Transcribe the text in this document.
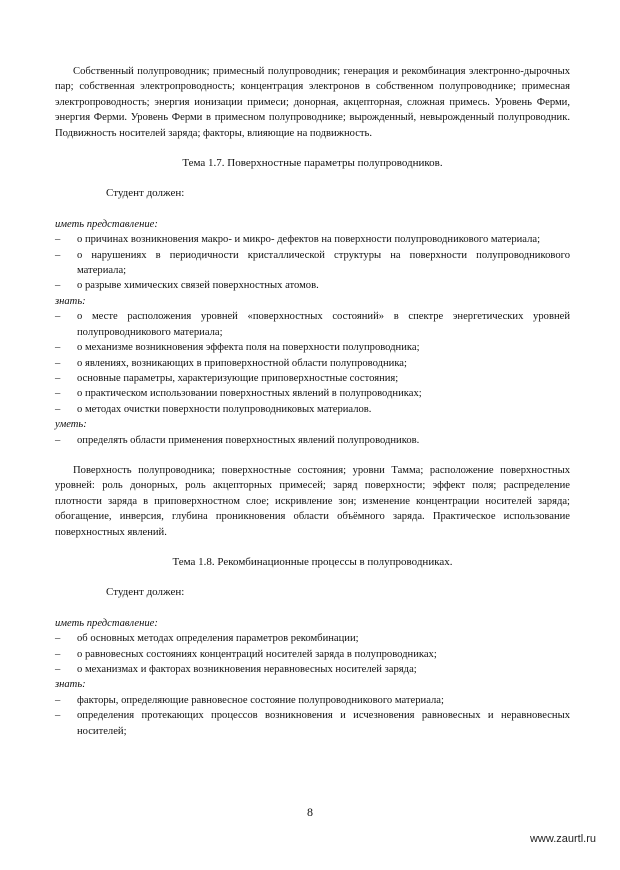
Собственный полупроводник; примесный полупроводник; генерация и рекомбинация электронно-дырочных пар; собственная электропроводность; концентрация электронов в собственном полупроводнике; примесная электропроводность; энергия ионизации примеси; донорная, акцепторная, сложная примесь. Уровень Ферми, энергия Ферми. Уровень Ферми в примесном полупроводнике; вырожденный, невырожденный полупроводник. Подвижность носителей заряда; факторы, влияющие на подвижность.

Тема 1.7. Поверхностные параметры полупроводников.

Студент должен:

иметь представление:

– о причинах возникновения макро- и микро- дефектов на поверхности полупроводникового материала;
– о нарушениях в периодичности кристаллической структуры на поверхности полупроводникового материала;
– о разрыве химических связей поверхностных атомов.

знать:

– о месте расположения уровней «поверхностных состояний» в спектре энергетических уровней полупроводникового материала;
– о механизме возникновения эффекта поля на поверхности полупроводника;
– о явлениях, возникающих в приповерхностной области полупроводника;
– основные параметры, характеризующие приповерхностные состояния;
– о практическом использовании поверхностных явлений в полупроводниках;
– о методах очистки поверхности полупроводниковых материалов.

уметь:

– определять области применения поверхностных явлений полупроводников.

Поверхность полупроводника; поверхностные состояния; уровни Тамма; расположение поверхностных уровней: роль донорных, роль акцепторных примесей; заряд поверхности; эффект поля; распределение плотности заряда в приповерхностном слое; искривление зон; изменение концентрации носителей заряда; обогащение, инверсия, глубина проникновения области объёмного заряда. Практическое использование поверхностных явлений.

Тема 1.8. Рекомбинационные процессы в полупроводниках.

Студент должен:

иметь представление:

– об основных методах определения параметров рекомбинации;
– о равновесных состояниях концентраций носителей заряда в полупроводниках;
– о механизмах и факторах возникновения неравновесных носителей заряда;

знать:

– факторы, определяющие равновесное состояние полупроводникового материала;
– определения протекающих процессов возникновения и исчезновения равновесных и неравновесных носителей;
8
www.zaurtl.ru
